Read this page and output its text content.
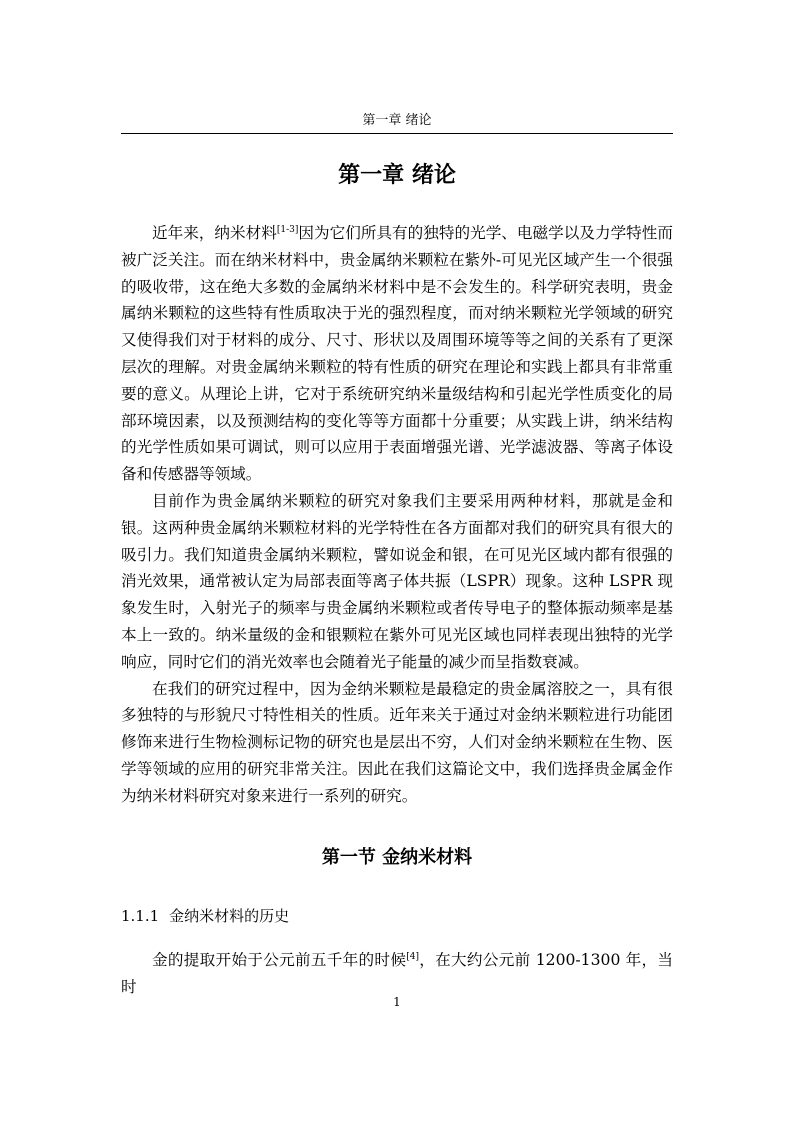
第一章 绪论
第一章 绪论

近年来，纳米材料[1-3]因为它们所具有的独特的光学、电磁学以及力学特性而被广泛关注。而在纳米材料中，贵金属纳米颗粒在紫外-可见光区域产生一个很强的吸收带，这在绝大多数的金属纳米材料中是不会发生的。科学研究表明，贵金属纳米颗粒的这些特有性质取决于光的强烈程度，而对纳米颗粒光学领域的研究又使得我们对于材料的成分、尺寸、形状以及周围环境等等之间的关系有了更深层次的理解。对贵金属纳米颗粒的特有性质的研究在理论和实践上都具有非常重要的意义。从理论上讲，它对于系统研究纳米量级结构和引起光学性质变化的局部环境因素，以及预测结构的变化等等方面都十分重要；从实践上讲，纳米结构的光学性质如果可调试，则可以应用于表面增强光谱、光学滤波器、等离子体设备和传感器等领域。

目前作为贵金属纳米颗粒的研究对象我们主要采用两种材料，那就是金和银。这两种贵金属纳米颗粒材料的光学特性在各方面都对我们的研究具有很大的吸引力。我们知道贵金属纳米颗粒，譬如说金和银，在可见光区域内都有很强的消光效果，通常被认定为局部表面等离子体共振（LSPR）现象。这种 LSPR 现象发生时，入射光子的频率与贵金属纳米颗粒或者传导电子的整体振动频率是基本上一致的。纳米量级的金和银颗粒在紫外可见光区域也同样表现出独特的光学响应，同时它们的消光效率也会随着光子能量的减少而呈指数衰减。

在我们的研究过程中，因为金纳米颗粒是最稳定的贵金属溶胶之一，具有很多独特的与形貌尺寸特性相关的性质。近年来关于通过对金纳米颗粒进行功能团修饰来进行生物检测标记物的研究也是层出不穷，人们对金纳米颗粒在生物、医学等领域的应用的研究非常关注。因此在我们这篇论文中，我们选择贵金属金作为纳米材料研究对象来进行一系列的研究。

第一节 金纳米材料
1.1.1 金纳米材料的历史

金的提取开始于公元前五千年的时候[4]，在大约公元前 1200-1300 年，当时

1
